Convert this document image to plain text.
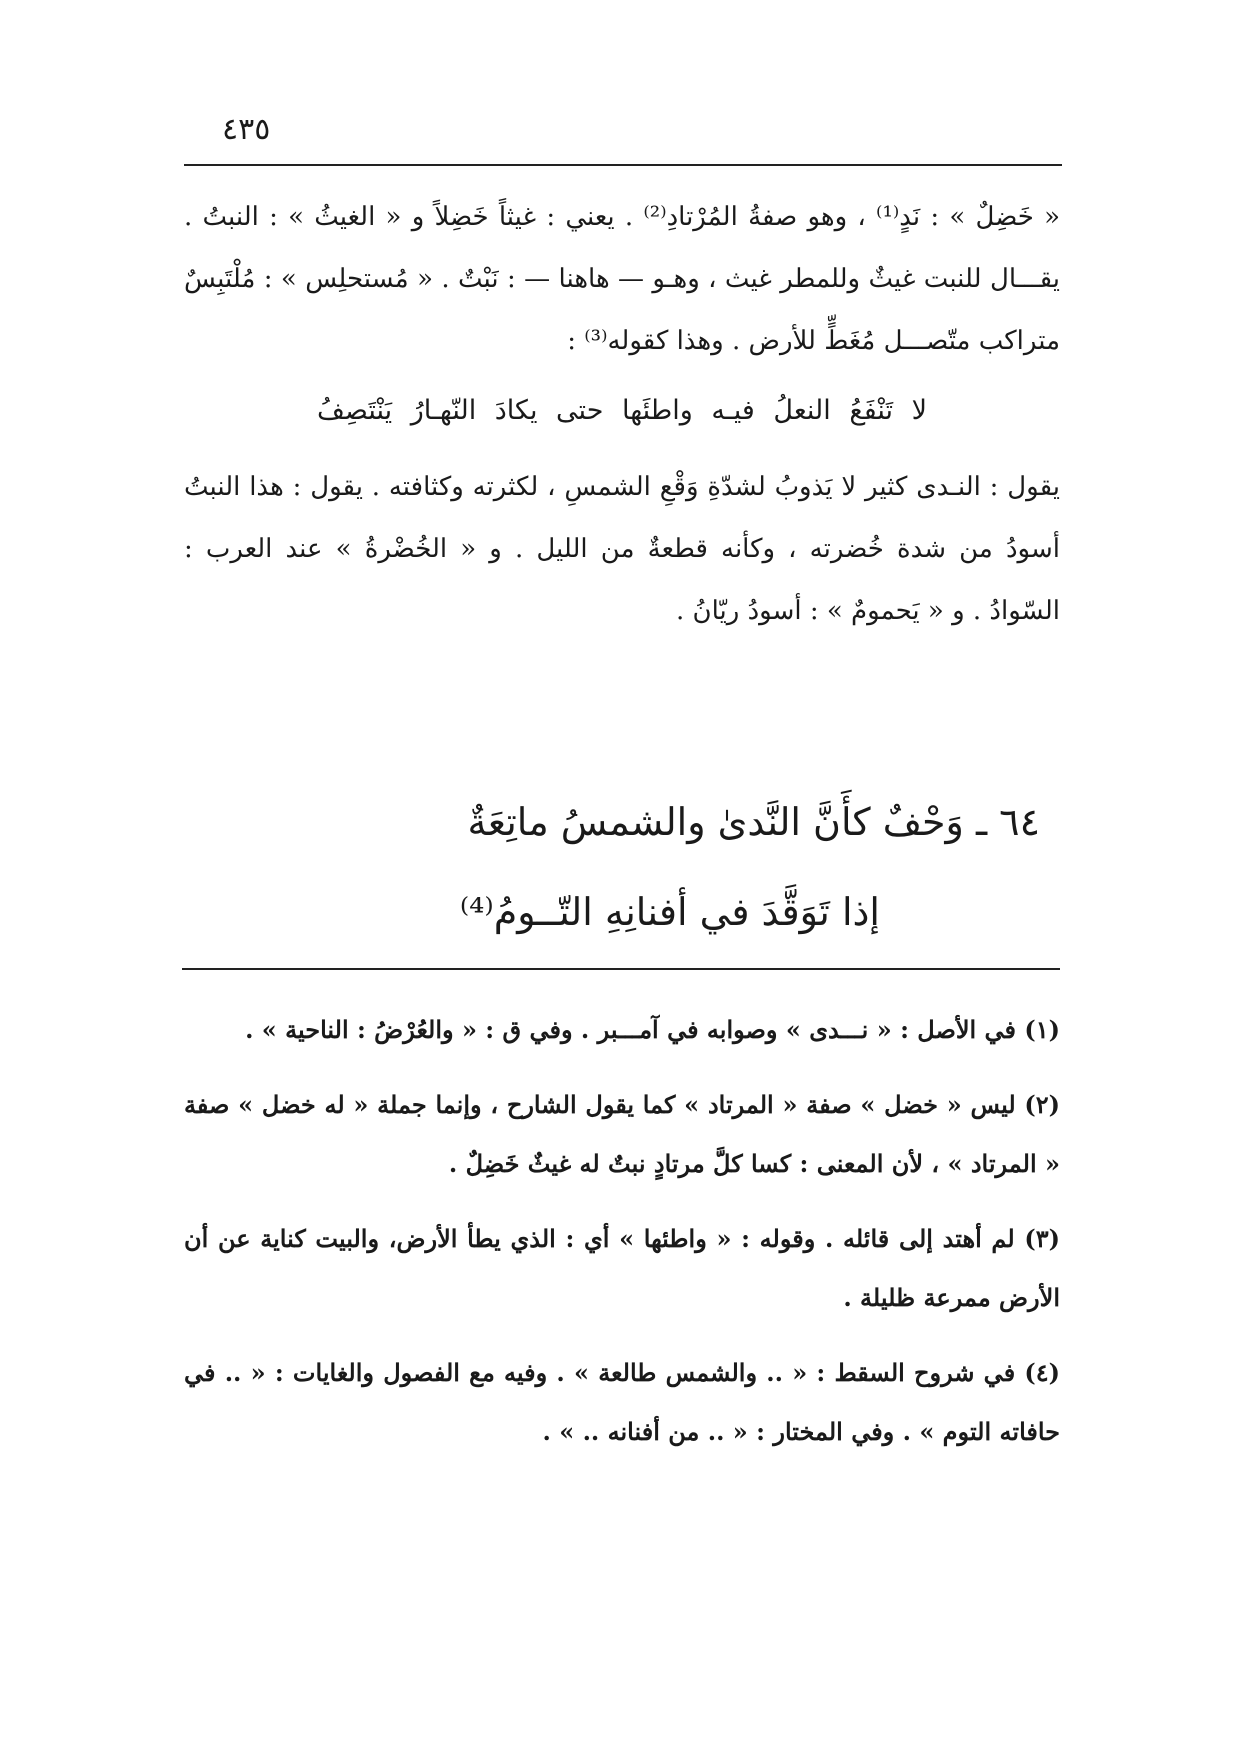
٤٣٥

« خَضِلٌ » : نَدٍ⁽¹⁾ ، وهو صفةُ المُرْتادِ⁽²⁾ . يعني : غيثاً خَضِلاً و « الغيثُ » : النبتُ . يقـــال للنبت غيثٌ وللمطر غيث ، وهـو — هاهنا — : نَبْتٌ . « مُستحلِس » : مُلْتَبِسٌ متراكب متّصـــل مُغَطٍّ للأرض . وهذا كقوله⁽³⁾ :

لا تَنْفَعُ النعلُ فيـه واطئَها حتى يكادَ النّهـارُ يَنْتَصِفُ

يقول : النـدى كثير لا يَذوبُ لشدّةِ وَقْعِ الشمسِ ، لكثرته وكثافته . يقول : هذا النبتُ أسودُ من شدة خُضرته ، وكأنه قطعةٌ من الليل . و « الخُضْرةُ » عند العرب : السّوادُ . و « يَحمومٌ » : أسودُ ريّانُ .

٦٤ ـ وَحْفٌ كأَنَّ النَّدىٰ والشمسُ ماتِعَةٌ
إذا تَوَقَّدَ في أفنانِهِ التّــومُ⁽⁴⁾

(١) في الأصل : « نـــدى » وصوابه في آمـــبر . وفي ق : « والعُرْضُ : الناحية » .

(٢) ليس « خضل » صفة « المرتاد » كما يقول الشارح ، وإنما جملة « له خضل » صفة « المرتاد » ، لأن المعنى : كسا كلَّ مرتادٍ نبتٌ له غيثٌ خَضِلٌ .

(٣) لم أهتد إلى قائله . وقوله : « واطئها » أي : الذي يطأ الأرض، والبيت كناية عن أن الأرض ممرعة ظليلة .

(٤) في شروح السقط : « .. والشمس طالعة » . وفيه مع الفصول والغايات : « .. في حافاته التوم » . وفي المختار : « .. من أفنانه .. » .
